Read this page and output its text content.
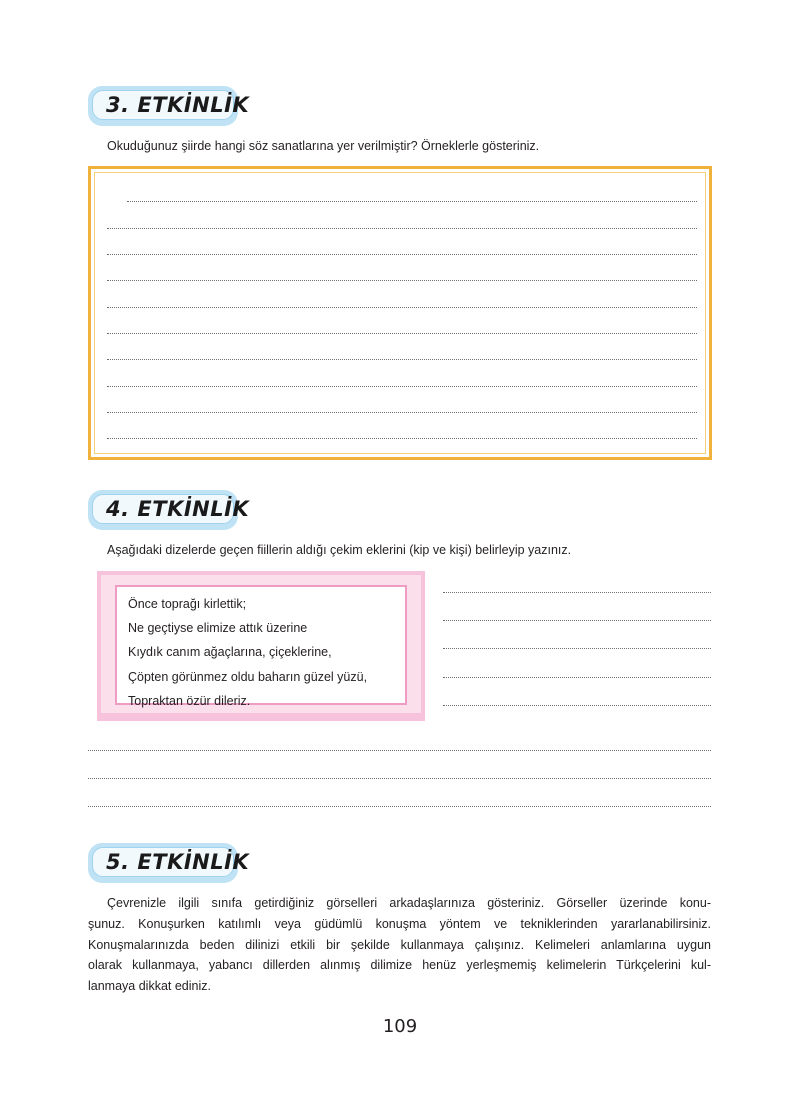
3. ETKİNLİK
Okuduğunuz şiirde hangi söz sanatlarına yer verilmiştir? Örneklerle gösteriniz.
4. ETKİNLİK
Aşağıdaki dizelerde geçen fiillerin aldığı çekim eklerini (kip ve kişi) belirleyip yazınız.
Önce toprağı kirlettik;
Ne geçtiyse elimize attık üzerine
Kıydık canım ağaçlarına, çiçeklerine,
Çöpten görünmez oldu baharın güzel yüzü,
Topraktan özür dileriz.
5. ETKİNLİK
Çevrenizle ilgili sınıfa getirdiğiniz görselleri arkadaşlarınıza gösteriniz. Görseller üzerinde konu-
şunuz. Konuşurken katılımlı veya güdümlü konuşma yöntem ve tekniklerinden yararlanabilirsiniz.
Konuşmalarınızda beden dilinizi etkili bir şekilde kullanmaya çalışınız. Kelimeleri anlamlarına uygun
olarak kullanmaya, yabancı dillerden alınmış dilimize henüz yerleşmemiş kelimelerin Türkçelerini kul-
lanmaya dikkat ediniz.
109
